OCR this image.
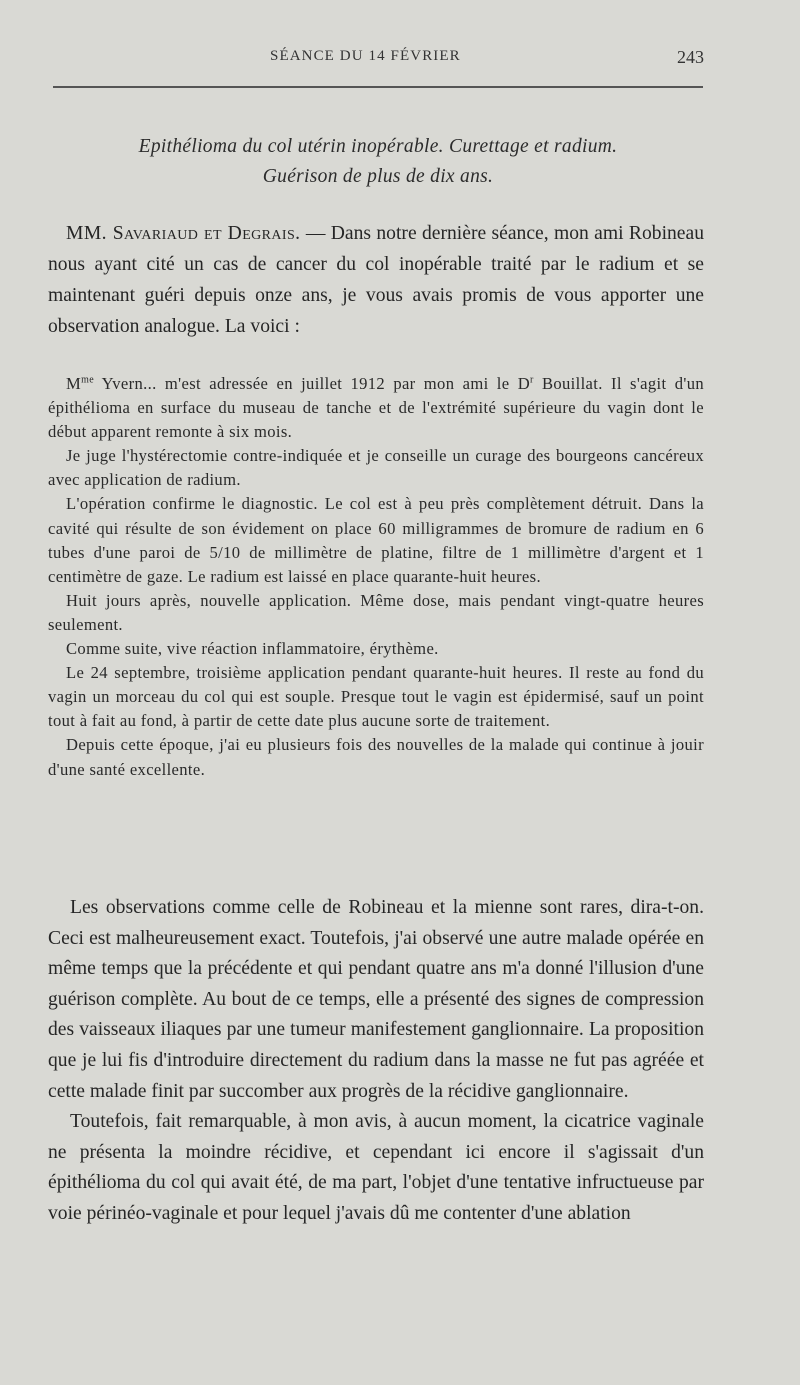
SÉANCE DU 14 FÉVRIER	243
Epithélioma du col utérin inopérable. Curettage et radium.
Guérison de plus de dix ans.

MM. Savariaud et Degrais. — Dans notre dernière séance, mon ami Robineau nous ayant cité un cas de cancer du col inopérable traité par le radium et se maintenant guéri depuis onze ans, je vous avais promis de vous apporter une observation analogue. La voici :

$M^{me}$ Yvern... m'est adressée en juillet 1912 par mon ami le $D^r$ Bouillat. Il s'agit d'un épithélioma en surface du museau de tanche et de l'extrémité supérieure du vagin dont le début apparent remonte à six mois.

Je juge l'hystérectomie contre-indiquée et je conseille un curage des bourgeons cancéreux avec application de radium.

L'opération confirme le diagnostic. Le col est à peu près complètement détruit. Dans la cavité qui résulte de son évidement on place 60 milligrammes de bromure de radium en 6 tubes d'une paroi de 5/10 de millimètre de platine, filtre de 1 millimètre d'argent et 1 centimètre de gaze. Le radium est laissé en place quarante-huit heures.

Huit jours après, nouvelle application. Même dose, mais pendant vingt-quatre heures seulement.

Comme suite, vive réaction inflammatoire, érythème.

Le 24 septembre, troisième application pendant quarante-huit heures. Il reste au fond du vagin un morceau du col qui est souple. Presque tout le vagin est épidermisé, sauf un point tout à fait au fond, à partir de cette date plus aucune sorte de traitement.

Depuis cette époque, j'ai eu plusieurs fois des nouvelles de la malade qui continue à jouir d'une santé excellente.

Les observations comme celle de Robineau et la mienne sont rares, dira-t-on. Ceci est malheureusement exact. Toutefois, j'ai observé une autre malade opérée en même temps que la précédente et qui pendant quatre ans m'a donné l'illusion d'une guérison complète. Au bout de ce temps, elle a présenté des signes de compression des vaisseaux iliaques par une tumeur manifestement ganglionnaire. La proposition que je lui fis d'introduire directement du radium dans la masse ne fut pas agréée et cette malade finit par succomber aux progrès de la récidive ganglionnaire.

Toutefois, fait remarquable, à mon avis, à aucun moment, la cicatrice vaginale ne présenta la moindre récidive, et cependant ici encore il s'agissait d'un épithélioma du col qui avait été, de ma part, l'objet d'une tentative infructueuse par voie périnéo-vaginale et pour lequel j'avais dû me contenter d'une ablation
